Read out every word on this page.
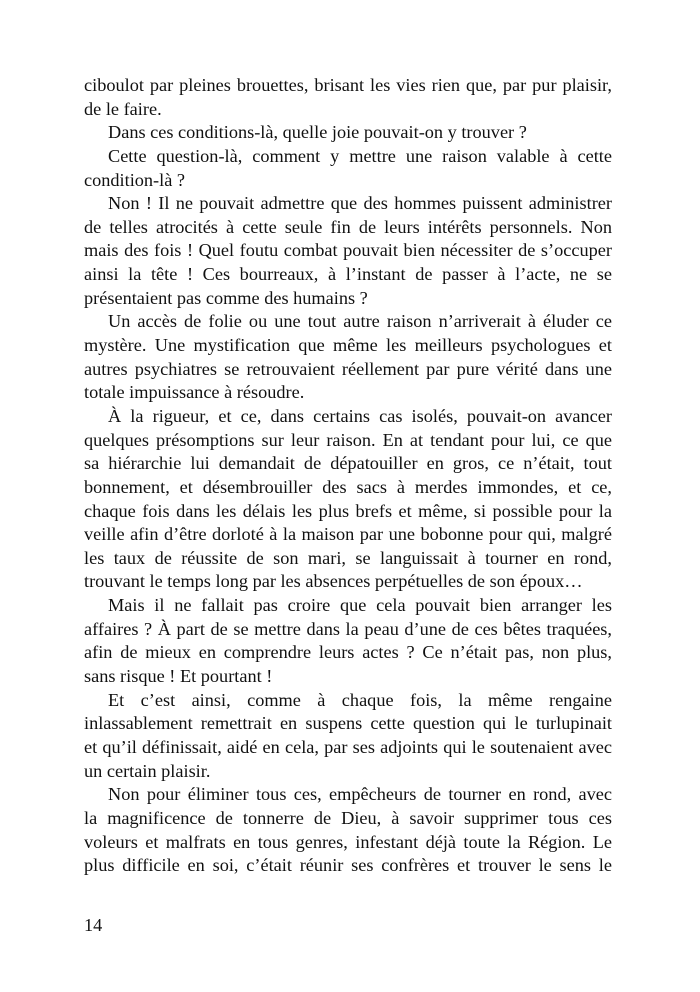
ciboulot par pleines brouettes, brisant les vies rien que, par pur plaisir,
de le faire.
Dans ces conditions-là, quelle joie pouvait-on y trouver ?
Cette question-là, comment y mettre une raison valable à cette
condition-là ?
Non ! Il ne pouvait admettre que des hommes puissent administrer
de telles atrocités à cette seule fin de leurs intérêts personnels. Non
mais des fois ! Quel foutu combat pouvait bien nécessiter de s’occuper
ainsi la tête ! Ces bourreaux, à l’instant de passer à l’acte, ne se
présentaient pas comme des humains ?
Un accès de folie ou une tout autre raison n’arriverait à éluder ce
mystère. Une mystification que même les meilleurs psychologues et
autres psychiatres se retrouvaient réellement par pure vérité dans une
totale impuissance à résoudre.
À la rigueur, et ce, dans certains cas isolés, pouvait-on avancer
quelques présomptions sur leur raison. En at tendant pour lui, ce que
sa hiérarchie lui demandait de dépatouiller en gros, ce n’était, tout
bonnement, et désembrouiller des sacs à merdes immondes, et ce,
chaque fois dans les délais les plus brefs et même, si possible pour la
veille afin d’être dorloté à la maison par une bobonne pour qui, malgré
les taux de réussite de son mari, se languissait à tourner en rond,
trouvant le temps long par les absences perpétuelles de son époux…
Mais il ne fallait pas croire que cela pouvait bien arranger les
affaires ? À part de se mettre dans la peau d’une de ces bêtes traquées,
afin de mieux en comprendre leurs actes ? Ce n’était pas, non plus,
sans risque ! Et pourtant !
Et c’est ainsi, comme à chaque fois, la même rengaine
inlassablement remettrait en suspens cette question qui le turlupinait
et qu’il définissait, aidé en cela, par ses adjoints qui le soutenaient avec
un certain plaisir.
Non pour éliminer tous ces, empêcheurs de tourner en rond, avec
la magnificence de tonnerre de Dieu, à savoir supprimer tous ces
voleurs et malfrats en tous genres, infestant déjà toute la Région. Le
plus difficile en soi, c’était réunir ses confrères et trouver le sens le
14
